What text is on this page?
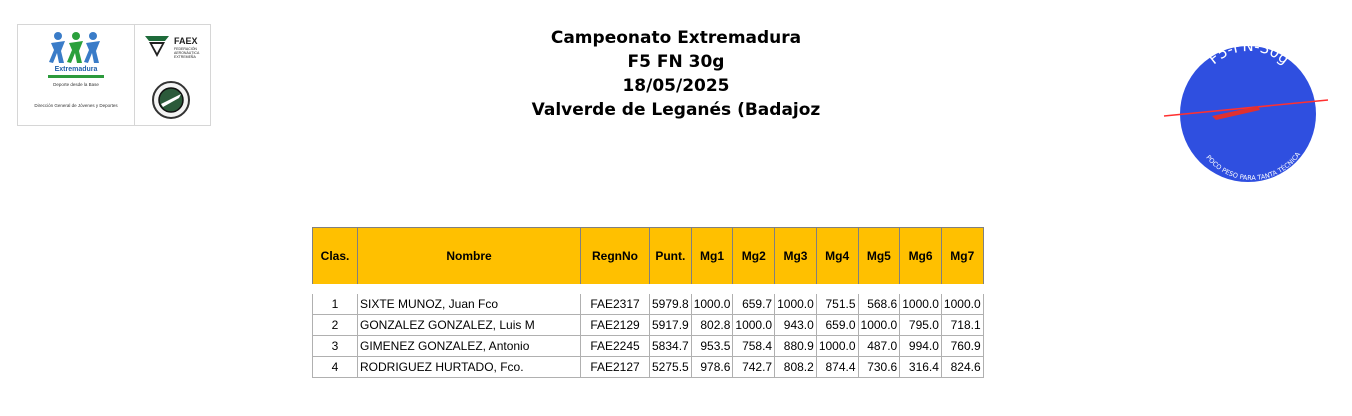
Extremadura
Deporte desde la Base
Dirección General de Jóvenes y Deportes
FAEX
FEDERACIÓN AERONÁUTICA EXTREMEÑA
Campeonato Extremadura
F5 FN 30g
18/05/2025
Valverde de Leganés (Badajoz
F5-FN-30g
POCO PESO PARA TANTA TÉCNICA
Clas.	Nombre	RegnNo	Punt.	Mg1	Mg2	Mg3	Mg4	Mg5	Mg6	Mg7
1	SIXTE MUNOZ, Juan Fco	FAE2317	5979.8	1000.0	659.7	1000.0	751.5	568.6	1000.0	1000.0
2	GONZALEZ GONZALEZ, Luis M	FAE2129	5917.9	802.8	1000.0	943.0	659.0	1000.0	795.0	718.1
3	GIMENEZ GONZALEZ, Antonio	FAE2245	5834.7	953.5	758.4	880.9	1000.0	487.0	994.0	760.9
4	RODRIGUEZ HURTADO, Fco.	FAE2127	5275.5	978.6	742.7	808.2	874.4	730.6	316.4	824.6
